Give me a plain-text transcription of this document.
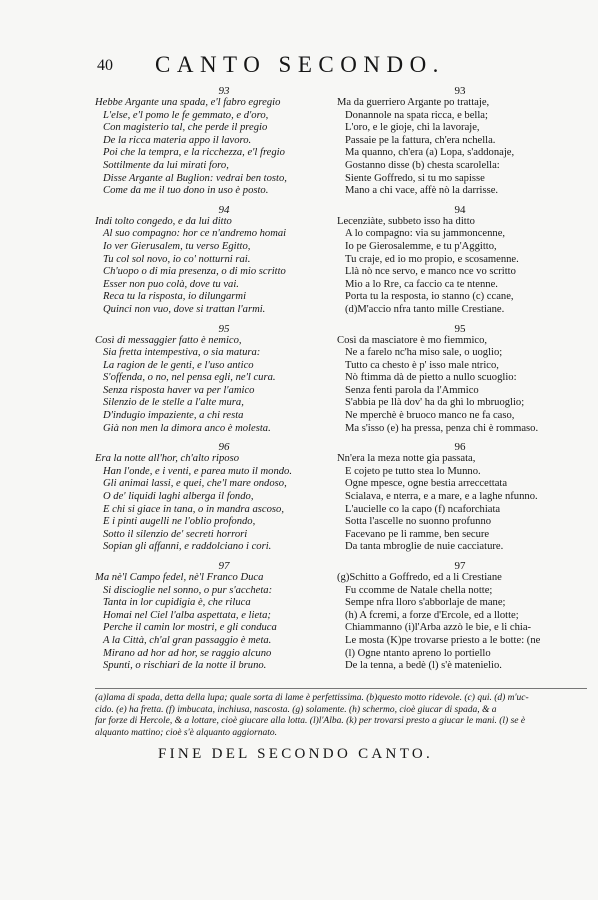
40 CANTO SECONDO.
93
Hebbe Argante una spada, e'l fabro egregio
L'else, e'l pomo le fe gemmato, e d'oro,
Con magisterio tal, che perde il pregio
De la ricca materia appo il lavoro.
Poi che la tempra, e la ricchezza, e'l fregio
Sottilmente da lui mirati foro,
Disse Argante al Buglion: vedrai ben tosto,
Come da me il tuo dono in uso è posto.
94
Indi tolto congedo, e da lui ditto
Al suo compagno: hor ce n'andremo homai
Io ver Gierusalem, tu verso Egitto,
Tu col sol novo, io co' notturni rai.
Ch'uopo o di mia presenza, o di mio scritto
Esser non puo colà, dove tu vai.
Reca tu la risposta, io dilungarmi
Quinci non vuo, dove si trattan l'armi.
95
Così di messaggier fatto è nemico,
Sia fretta intempestiva, o sia matura:
La ragion de le genti, e l'uso antico
S'offenda, o no, nel pensa egli, ne'l cura.
Senza risposta haver va per l'amico
Silenzio de le stelle a l'alte mura,
D'indugio impaziente, a chi resta
Già non men la dimora anco è molesta.
96
Era la notte all'hor, ch'alto riposo
Han l'onde, e i venti, e parea muto il mondo.
Gli animai lassi, e quei, che'l mare ondoso,
O de' liquidi laghi alberga il fondo,
E chi si giace in tana, o in mandra ascoso,
E i pinti augelli ne l'oblio profondo,
Sotto il silenzio de' secreti horrori
Sopian gli affanni, e raddolciano i cori.
97
Ma nè'l Campo fedel, nè'l Franco Duca
Si discioglie nel sonno, o pur s'accheta:
Tanta in lor cupidigia è, che riluca
Homai nel Ciel l'alba aspettata, e lieta;
Perche il camin lor mostri, e gli conduca
A la Città, ch'al gran passaggio è meta.
Mirano ad hor ad hor, se raggio alcuno
Spunti, o rischiari de la notte il bruno.
93
Ma da guerriero Argante po trattaje,
Donannole na spata ricca, e bella;
L'oro, e le gioje, chi la lavoraje,
Passaie pe la fattura, ch'era nchella.
Ma quanno, ch'era (a) Lopa, s'addonaje,
Gostanno disse (b) chesta scarolella:
Siente Goffredo, si tu mo sapisse
Mano a chi vace, affè nò la darrisse.
94
Lecenziàte, subbeto isso ha ditto
A lo compagno: via su jammoncenne,
Io pe Gierosalemme, e tu p'Aggitto,
Tu craje, ed io mo propio, e scosamenne.
Llà nò nce servo, e manco nce vo scritto
Mio a lo Rre, ca faccio ca te ntenne.
Porta tu la resposta, io stanno (c) ccane,
(d)M'accio nfra tanto mille Crestiane.
95
Così da masciatore è mo fiemmico,
Ne a farelo nc'ha miso sale, o uoglio;
Tutto ca chesto è p' isso male ntrico,
Nò ftimma dà de pietto a nullo scuoglio:
Senza fenti parola da l'Ammico
S'abbia pe llà dov' ha da ghì lo mbruoglio;
Ne mperchè è bruoco manco ne fa caso,
Ma s'isso (e) ha pressa, penza chi è rommaso.
96
Nn'era la meza notte gia passata,
E cojeto pe tutto stea lo Munno.
Ogne mpesce, ogne bestia arreccettata
Scialava, e nterra, e a mare, e a laghe nfunno.
L'aucielle co la capo (f) ncaforchiata
Sotta l'ascelle no suonno profunno
Facevano pe li ramme, ben secure
Da tanta mbroglie de nuie cacciature.
97
(g)Schitto a Goffredo, ed a li Crestiane
Fu ccomme de Natale chella notte;
Sempe nfra lloro s'abborlaje de mane;
(h) A fcremi, a forze d'Ercole, ed a llotte;
Chiammanno (i)l'Arba azzò le bie, e li chia-
Le mosta (K)pe trovarse priesto a le botte: (ne
(l) Ogne ntanto apreno lo portiello
De la tenna, a bedè (l) s'è matenielio.
(a)lama di spada, detta della lupa; quale sorta di lame è perfettissima. (b)questo motto ridevole. (c) qui. (d) m'uc-
cido. (e) ha fretta. (f) imbucata, inchiusa, nascosta. (g) solamente. (h) schermo, cioè giucar di spada, & a
far forze di Hercole, & a lottare, cioè giucare alla lotta. (l)l'Alba. (k) per trovarsi presto a giucar le mani. (l) se è
alquanto mattino; cioè s'è alquanto aggiornato.
FINE DEL SECONDO CANTO.
